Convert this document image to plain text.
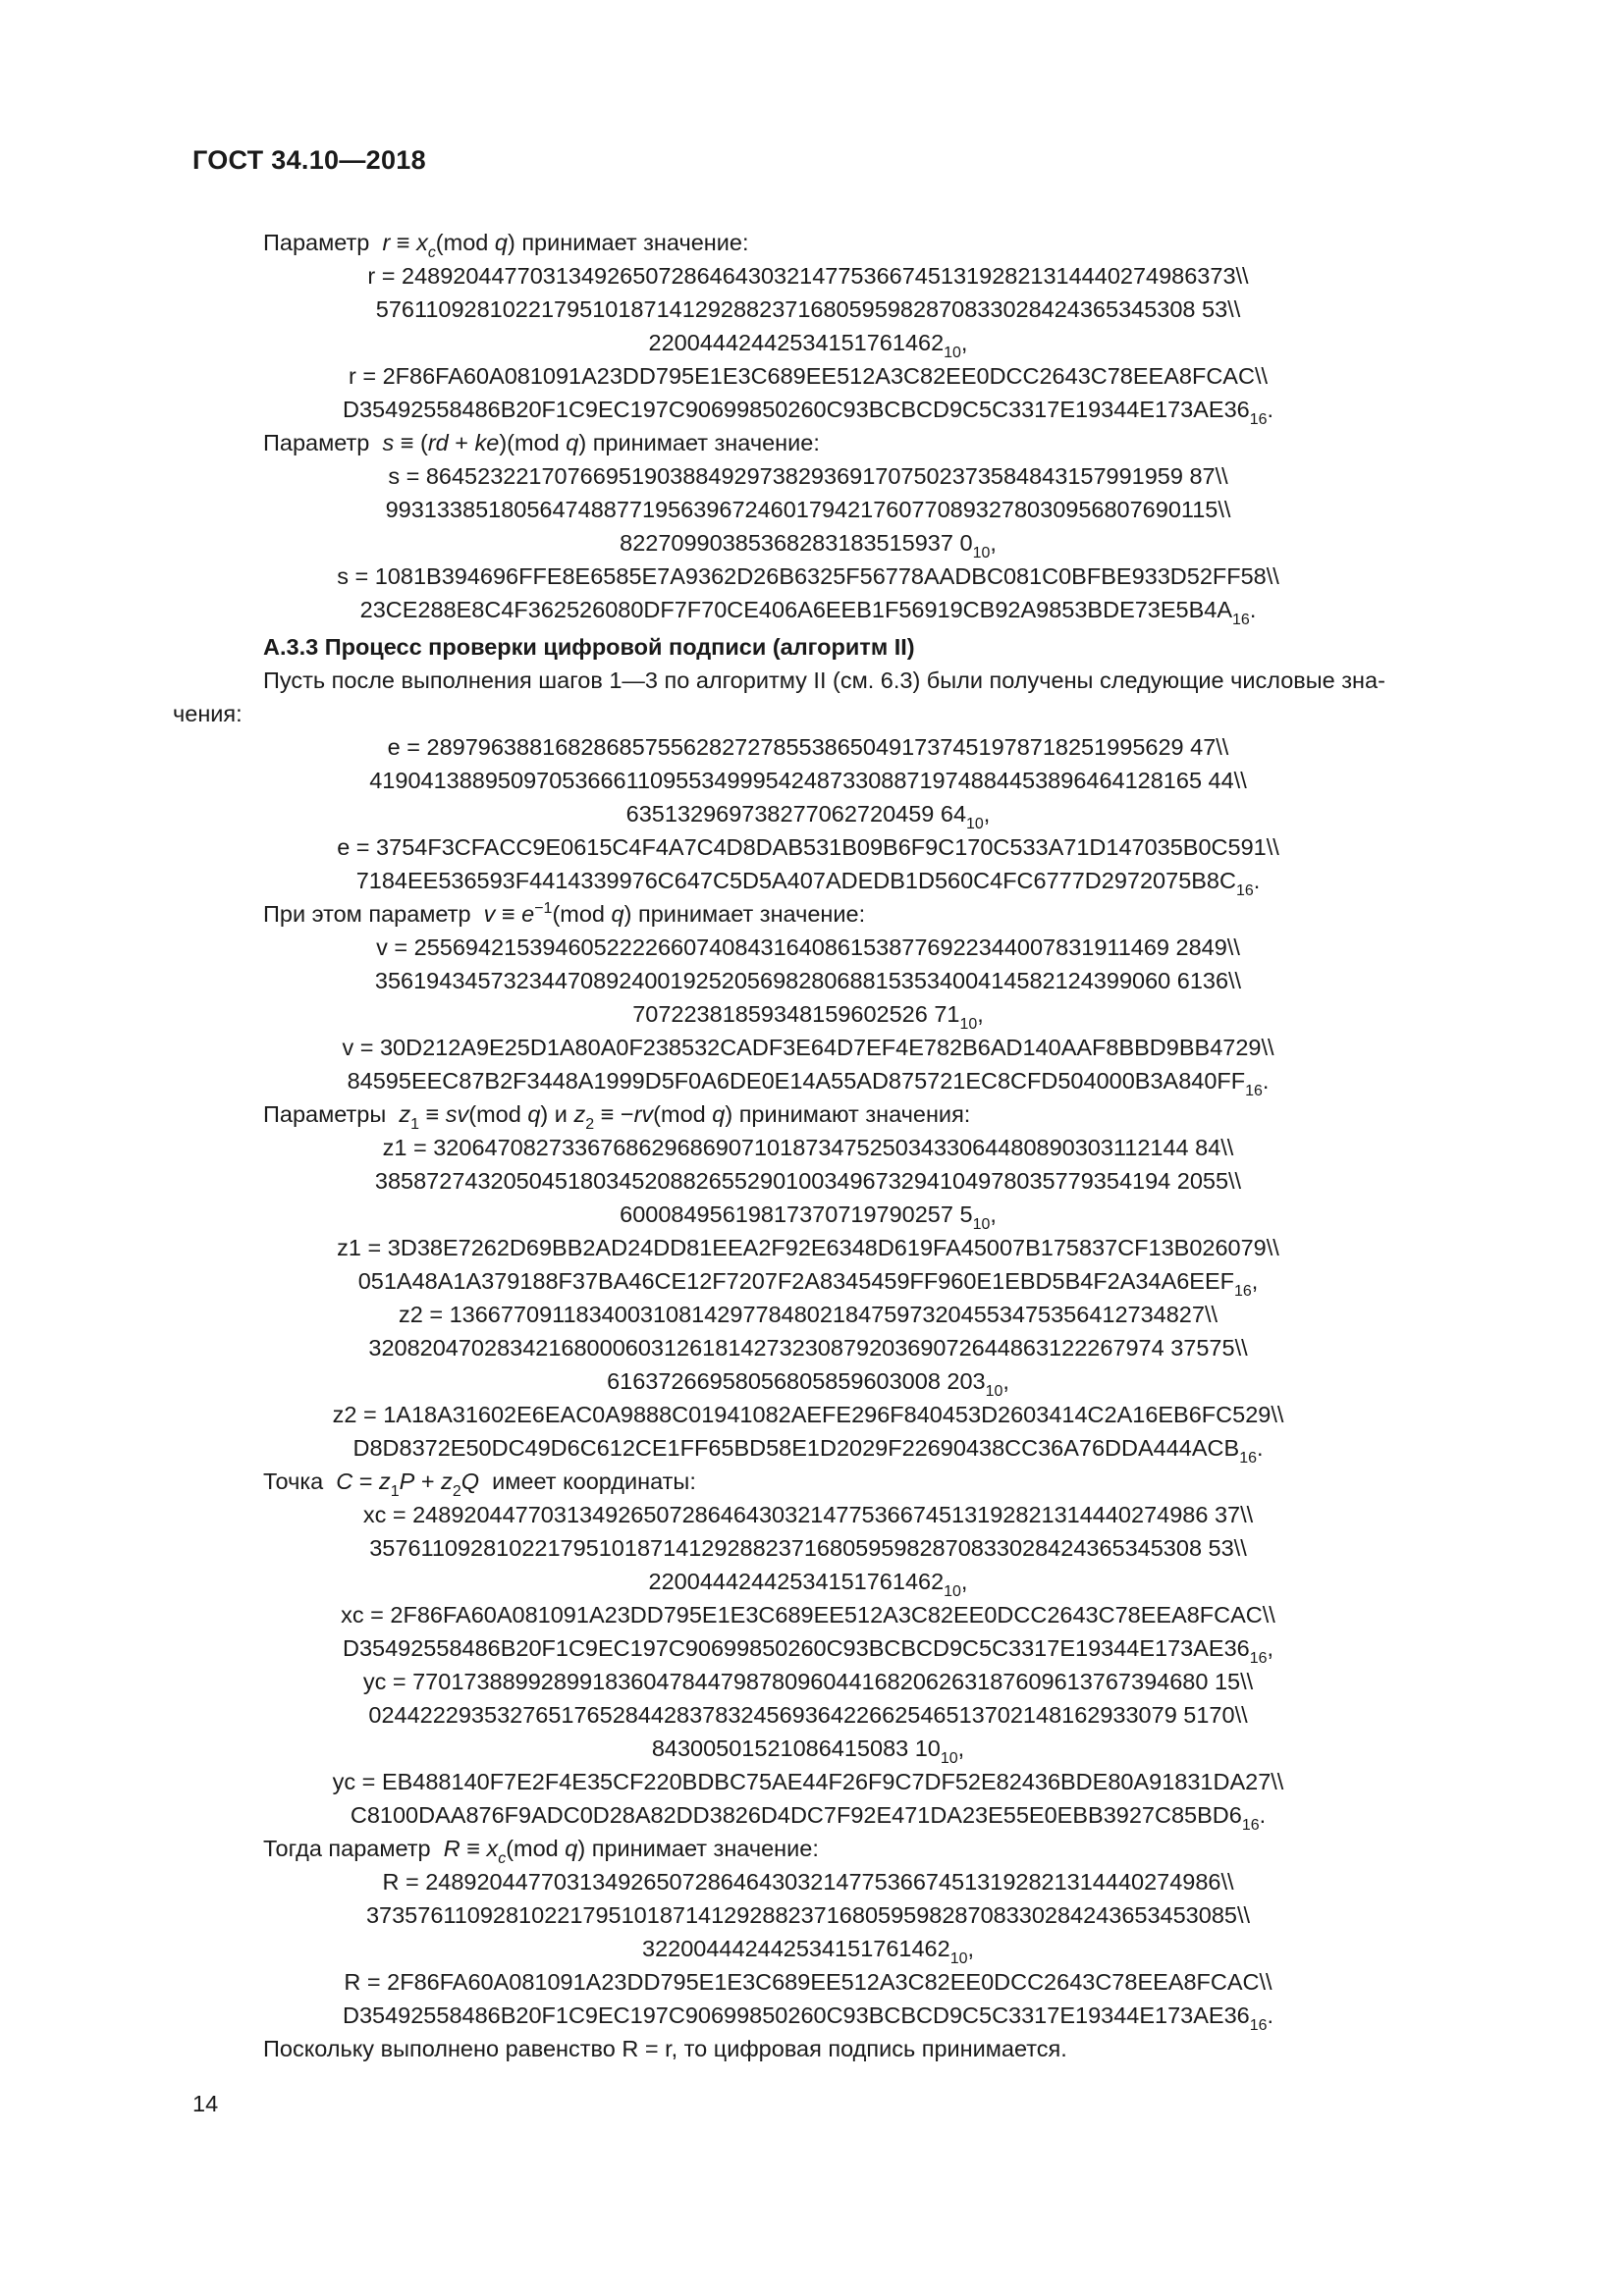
ГОСТ 34.10—2018
Параметр $r \equiv x_c(mod$ q) принимает значение:
r = 24892044770313492650728646430321477536674513192821314440274986373\\
5761109281022179510187141292882371680595982870833028424365345308 53\\
$22004442442534151761462_{10}$,
r = 2F86FA60A081091A23DD795E1E3C689EE512A3C82EE0DCC2643C78EEA8FCAC\\
$D35492558486B20F1C9EC197C90699850260C93BCBCD9C5C3317E19344E173AE36_{16}$.
Параметр s ≡ (rd + ke)(mod q) принимает значение:
s = 86452322170766951903884929738293691707502373584843157991959 87\\
99313385180564748877195639672460179421760770893278030956807690115\\
82270990385368283183515937 $0_{10}$,
s = 1081B394696FFE8E6585E7A9362D26B6325F56778AADBC081C0BFBE933D52FF58\\
$23CE288E8C4F362526080DF7F70CE406A6EEB1F56919CB92A9853BDE73E5B4A_{16}$.
А.3.3 Процесс проверки цифровой подписи (алгоритм II)
Пусть после выполнения шагов 1—3 по алгоритму II (см. 6.3) были получены следующие числовые зна-
чения:
e = 28979638816828685755628272785538650491737451978718251995629 47\\
41904138895097053666110955349995424873308871974884453896464128165 44\\
635132969738277062720459 $64_{10}$,
e = 3754F3CFACC9E0615C4F4A7C4D8DAB531B09B6F9C170C533A71D147035B0C591\\
$7184EE536593F4414339976C647C5D5A407ADEDB1D560C4FC6777D2972075B8C_{16}$.
При этом параметр $v \equiv e^{-1}(mod$ q) принимает значение:
v = 25569421539460522226607408431640861538776922344007831911469 2849\\
35619434573234470892400192520569828068815353400414582124399060 6136\\
70722381859348159602526 $71_{10}$,
v = 30D212A9E25D1A80A0F238532CADF3E64D7EF4E782B6AD140AAF8BBD9BB4729\\
$84595EEC87B2F3448A1999D5F0A6DE0E14A55AD875721EC8CFD504000B3A840FF_{16}$.
Параметры $z_1 \equiv sv(mod$ q) и $z_2 \equiv -rv(mod$ q) принимают значения:
z1 = 32064708273367686296869071018734752503433064480890303112144 84\\
38587274320504518034520882655290100349673294104978035779354194 2055\\
60008495619817370719790257 $5_{10}$,
z1 = 3D38E7262D69BB2AD24DD81EEA2F92E6348D619FA45007B175837CF13B026079\\
$051A48A1A379188F37BA46CE12F7207F2A8345459FF960E1EBD5B4F2A34A6EEF_{16}$,
z2 = 13667709118340031081429778480218475973204553475356412734827\\
32082047028342168000603126181427323087920369072644863122267974 37575\\
61637266958056805859603008 $203_{10}$,
z2 = 1A18A31602E6EAC0A9888C01941082AEFE296F840453D2603414C2A16EB6FC529\\
$D8D8372E50DC49D6C612CE1FF65BD58E1D2029F22690438CC36A76DDA444ACB_{16}$.
Точка $C = z_1P + z_2Q$ имеет координаты:
xc = 24892044770313492650728646430321477536674513192821314440274986 37\\
35761109281022179510187141292882371680595982870833028424365345308 53\\
$22004442442534151761462_{10}$,
xc = 2F86FA60A081091A23DD795E1E3C689EE512A3C82EE0DCC2643C78EEA8FCAC\\
$D35492558486B20F1C9EC197C90699850260C93BCBCD9C5C3317E19344E173AE36_{16}$,
yc = 77017388992899183604784479878096044168206263187609613767394680 15\\
024422293532765176528442837832456936422662546513702148162933079 5170\\
84300501521086415083 $10_{10}$,
yc = EB488140F7E2F4E35CF220BDBC75AE44F26F9C7DF52E82436BDE80A91831DA27\\
$C8100DAA876F9ADC0D28A82DD3826D4DC7F92E471DA23E55E0EBB3927C85BD6_{16}$.
Тогда параметр $R \equiv x_c(mod$ q) принимает значение:
R = 24892044770313492650728646430321477536674513192821314440274986\\
37357611092810221795101871412928823716805959828708330284243653453085\\
$322004442442534151761462_{10}$,
R = 2F86FA60A081091A23DD795E1E3C689EE512A3C82EE0DCC2643C78EEA8FCAC\\
$D35492558486B20F1C9EC197C90699850260C93BCBCD9C5C3317E19344E173AE36_{16}$.
Поскольку выполнено равенство R = r, то цифровая подпись принимается.
14
